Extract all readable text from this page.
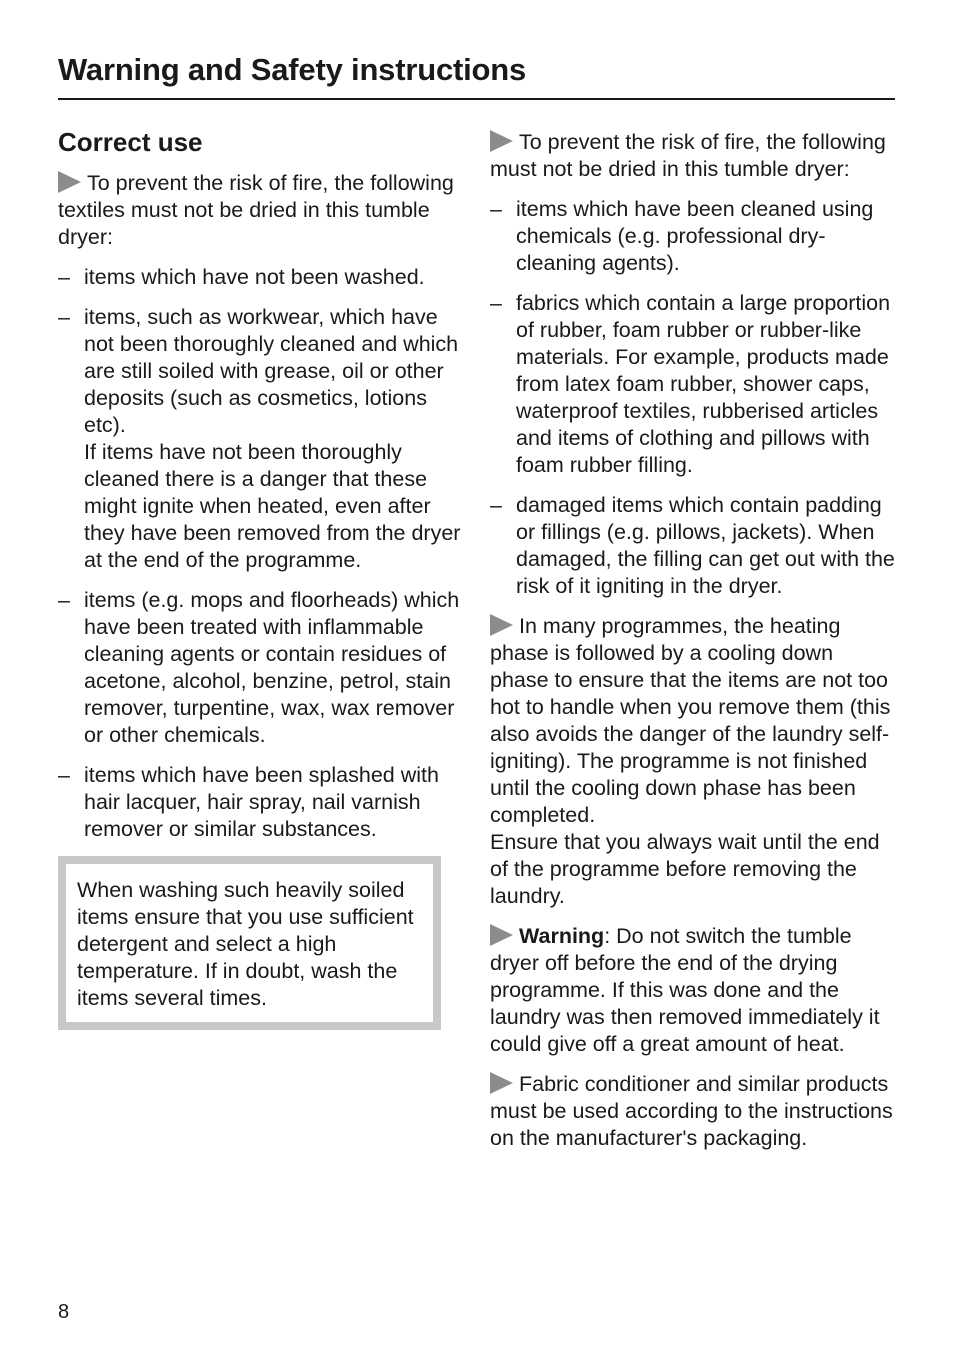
Warning and Safety instructions
Correct use

To prevent the risk of fire, the following textiles must not be dried in this tumble dryer:

– items which have not been washed.
– items, such as workwear, which have not been thoroughly cleaned and which are still soiled with grease, oil or other deposits (such as cosmetics, lotions etc).
If items have not been thoroughly cleaned there is a danger that these might ignite when heated, even after they have been removed from the dryer at the end of the programme.
– items (e.g. mops and floorheads) which have been treated with inflammable cleaning agents or contain residues of acetone, alcohol, benzine, petrol, stain remover, turpentine, wax, wax remover or other chemicals.
– items which have been splashed with hair lacquer, hair spray, nail varnish remover or similar substances.

When washing such heavily soiled items ensure that you use sufficient detergent and select a high temperature. If in doubt, wash the items several times.

To prevent the risk of fire, the following must not be dried in this tumble dryer:

– items which have been cleaned using chemicals (e.g. professional dry-cleaning agents).
– fabrics which contain a large proportion of rubber, foam rubber or rubber-like materials. For example, products made from latex foam rubber, shower caps, waterproof textiles, rubberised articles and items of clothing and pillows with foam rubber filling.
– damaged items which contain padding or fillings (e.g. pillows, jackets). When damaged, the filling can get out with the risk of it igniting in the dryer.

In many programmes, the heating phase is followed by a cooling down phase to ensure that the items are not too hot to handle when you remove them (this also avoids the danger of the laundry self-igniting). The programme is not finished until the cooling down phase has been completed.
Ensure that you always wait until the end of the programme before removing the laundry.

Warning: Do not switch the tumble dryer off before the end of the drying programme. If this was done and the laundry was then removed immediately it could give off a great amount of heat.

Fabric conditioner and similar products must be used according to the instructions on the manufacturer's packaging.

8
